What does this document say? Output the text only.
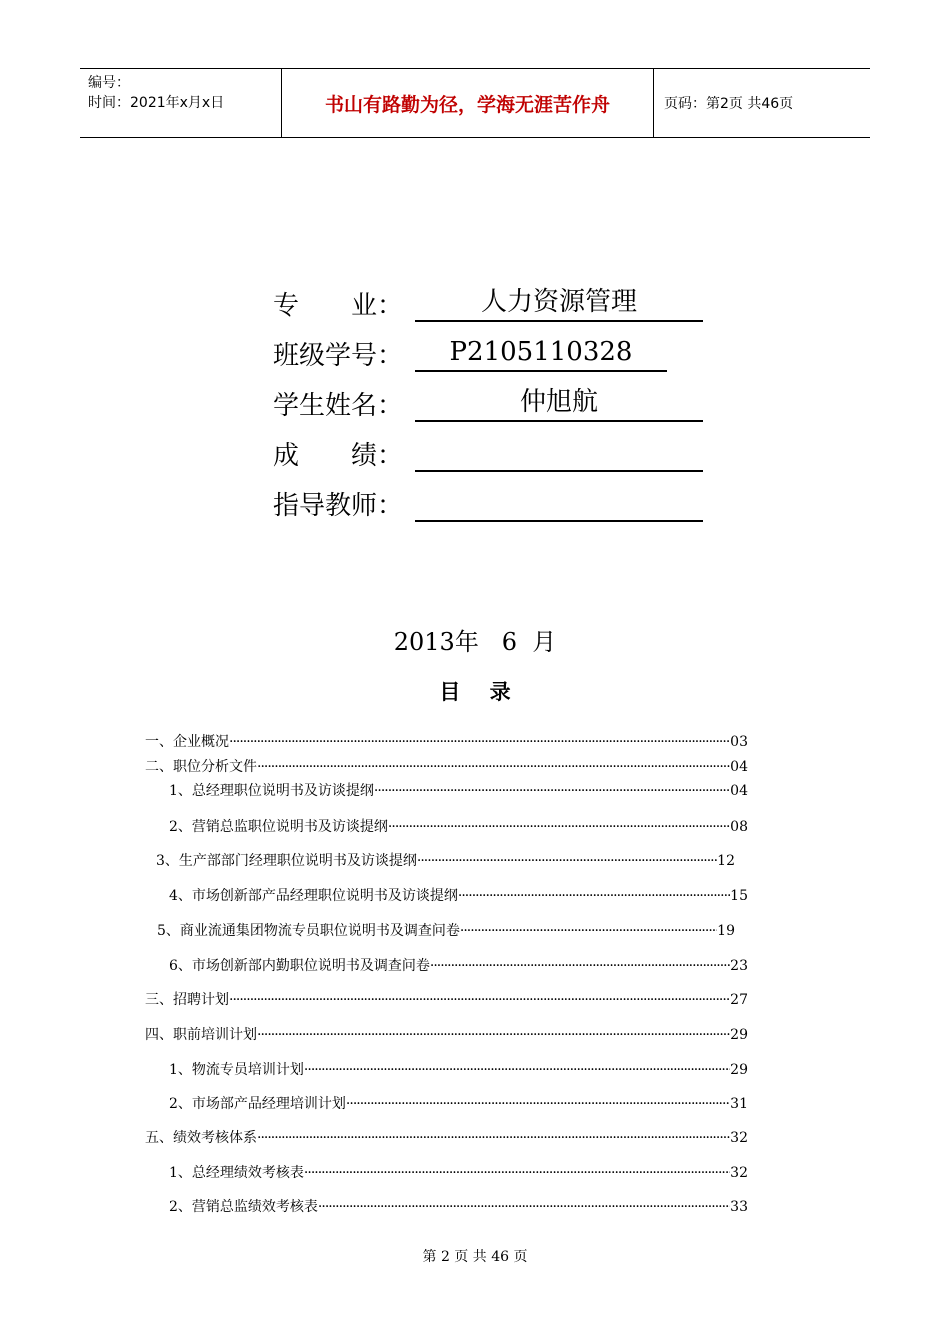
编号：
时间：2021年x月x日	书山有路勤为径，学海无涯苦作舟	页码：第2页 共46页
专　　业：	人力资源管理
班级学号：	P2105110328
学生姓名：	仲旭航
成　　绩：
指导教师：
2013年   6  月
目    录
一、企业概况 ·····	03
二、职位分析文件 ·····	04
1、总经理职位说明书及访谈提纲 ·····	04
2、营销总监职位说明书及访谈提纲 ·····	08
3、生产部部门经理职位说明书及访谈提纲 ·····	12
4、市场创新部产品经理职位说明书及访谈提纲 ·····	15
5、商业流通集团物流专员职位说明书及调查问卷 ·····	19
6、市场创新部内勤职位说明书及调查问卷 ·····	23
三、招聘计划 ·····	27
四、职前培训计划 ·····	29
1、物流专员培训计划 ·····	29
2、市场部产品经理培训计划 ·····	31
五、绩效考核体系 ·····	32
1、总经理绩效考核表 ·····	32
2、营销总监绩效考核表 ·····	33
第 2 页 共 46 页
